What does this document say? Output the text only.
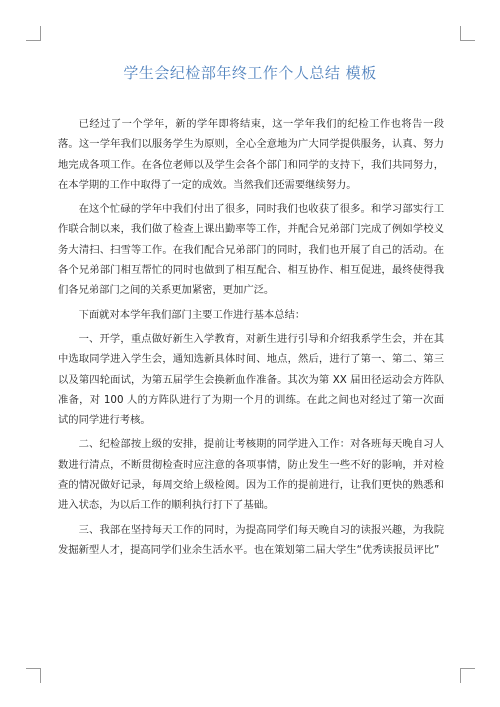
学生会纪检部年终工作个人总结 模板

已经过了一个学年，新的学年即将结束，这一学年我们的纪检工作也将告一段落。这一学年我们以服务学生为原则，全心全意地为广大同学提供服务，认真、努力地完成各项工作。在各位老师以及学生会各个部门和同学的支持下，我们共同努力，在本学期的工作中取得了一定的成效。当然我们还需要继续努力。

在这个忙碌的学年中我们付出了很多，同时我们也收获了很多。和学习部实行工作联合制以来，我们做了检查上课出勤率等工作，并配合兄弟部门完成了例如学校义务大清扫、扫雪等工作。在我们配合兄弟部门的同时，我们也开展了自己的活动。在各个兄弟部门相互帮忙的同时也做到了相互配合、相互协作、相互促进，最终使得我们各兄弟部门之间的关系更加紧密，更加广泛。

下面就对本学年我们部门主要工作进行基本总结：

一、开学，重点做好新生入学教育，对新生进行引导和介绍我系学生会，并在其中选取同学进入学生会，通知选新具体时间、地点，然后，进行了第一、第二、第三以及第四轮面试，为第五届学生会换新血作准备。其次为第 XX 届田径运动会方阵队准备，对 100 人的方阵队进行了为期一个月的训练。在此之间也对经过了第一次面试的同学进行考核。

二、纪检部按上级的安排，提前让考核期的同学进入工作：对各班每天晚自习人数进行清点，不断贯彻检查时应注意的各项事情，防止发生一些不好的影响，并对检查的情况做好记录，每周交给上级检阅。因为工作的提前进行，让我们更快的熟悉和进入状态，为以后工作的顺利执行打下了基础。

三、我部在坚持每天工作的同时，为提高同学们每天晚自习的读报兴趣，为我院发掘新型人才，提高同学们业余生活水平。也在策划第二届大学生“优秀读报员评比”
